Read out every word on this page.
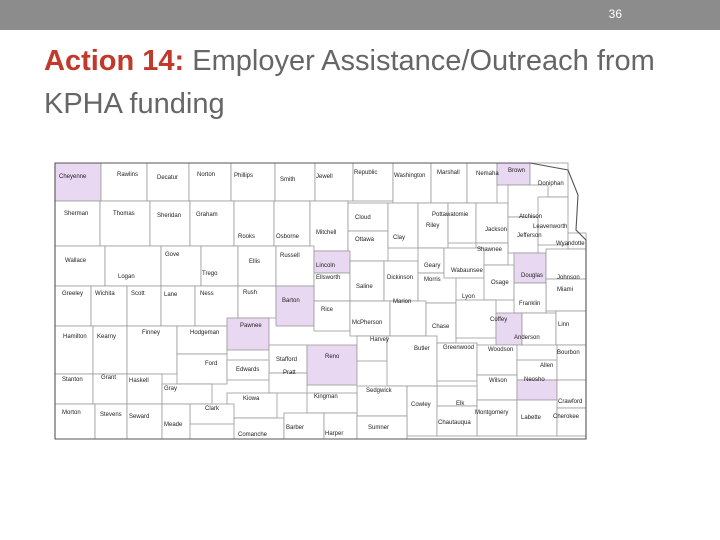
36
Action 14: Employer Assistance/Outreach from KPHA funding
Cheyenne	Rawlins	Decatur	Norton	Phillips
Smith	Jewell
Republic	Washington Marshall	Nemaha Brown
Doniphan
Sherman	Thomas	Sheridan Graham
Rooks	Osborne
Mitchell
Cloud
Clay
Riley
Pottawatomie
Jackson
Atchison
Jefferson
Leavenworth
Wyandotte
Ottawa
Shawnee
Wallace
Logan
Gove
Trego
Ellis
Russell
Lincoln
Ellsworth
Saline
Dickinson
Geary
Morris
Wabaunsee
Osage
Douglas Johnson
Miami
Franklin
Greeley Wichita	Scott	Lane	Ness	Rush
Barton
Rice
McPherson
Marion
Chase
Lyon
Coffey
Anderson
Linn
Hamilton Kearny
Finney	Hodgeman
Pawnee
Stafford	Reno
Harvey
Butler Greenwood Woodson
Allen
Bourbon
Ford
Edwards	Pratt
Stanton	Grant Haskell
Gray	Sedgwick
Wilson	Neosho
Kiowa	Kingman
Clark
Crawford
Morton	Stevens Seward
Meade
Elk
Cowley
Montgomery
Labette Cherokee
Chautauqua
Comanche
Barber
Harper
Sumner
